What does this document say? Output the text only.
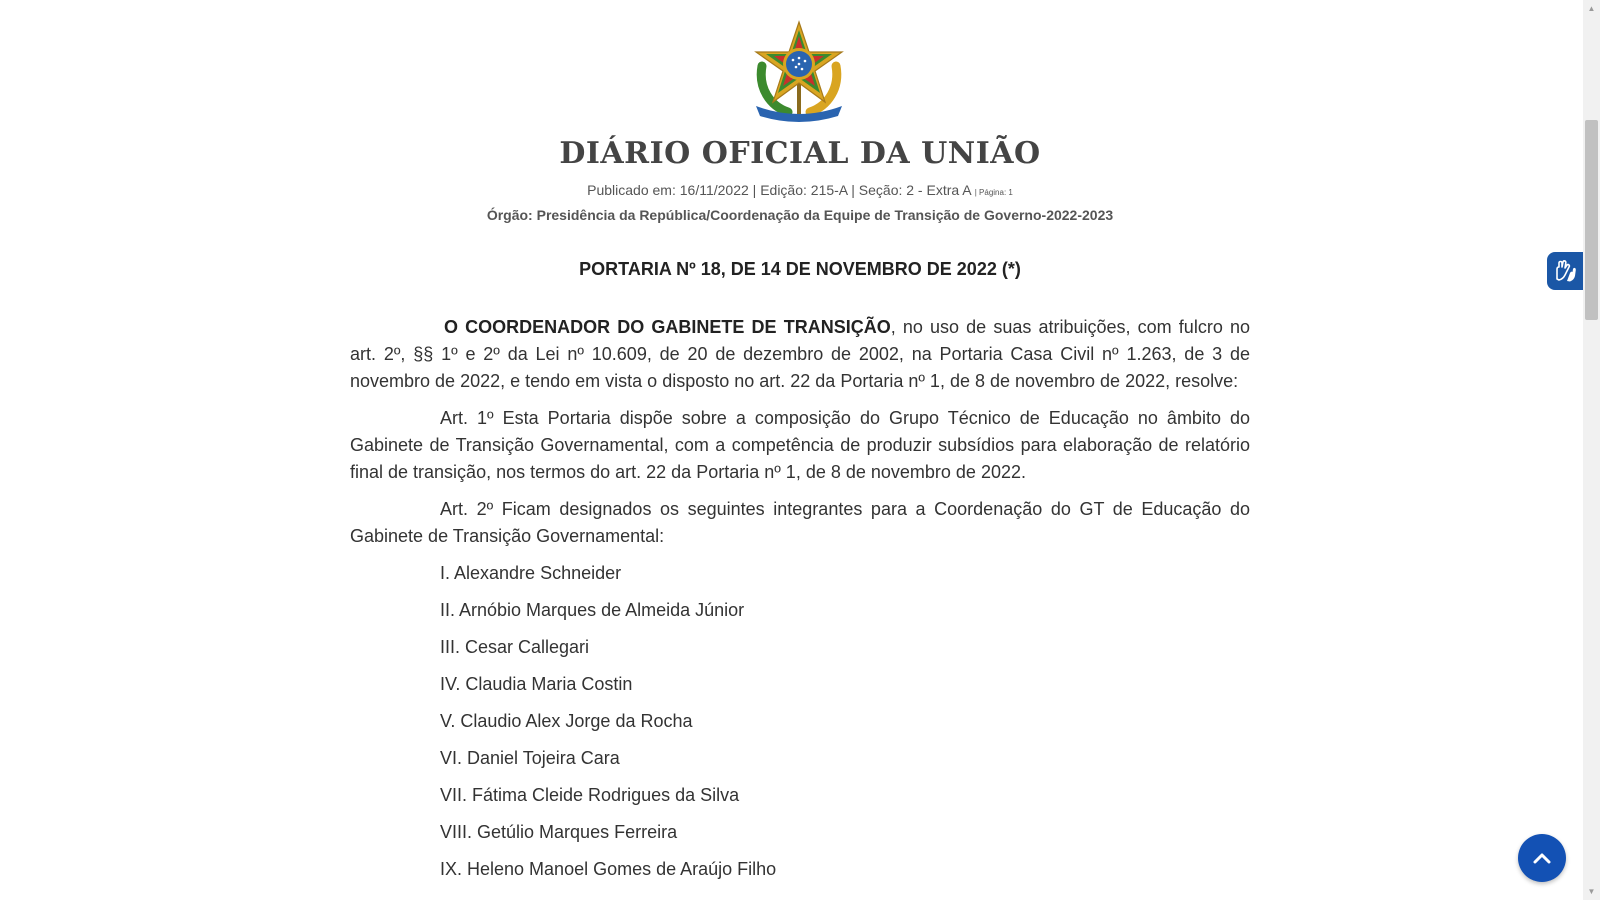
DIÁRIO OFICIAL DA UNIÃO
Publicado em: 16/11/2022 | Edição: 215-A | Seção: 2 - Extra A | Página: 1
Órgão: Presidência da República/Coordenação da Equipe de Transição de Governo-2022-2023
PORTARIA Nº 18, DE 14 DE NOVEMBRO DE 2022 (*)

O COORDENADOR DO GABINETE DE TRANSIÇÃO, no uso de suas atribuições, com fulcro no art. 2º, §§ 1º e 2º da Lei nº 10.609, de 20 de dezembro de 2002, na Portaria Casa Civil nº 1.263, de 3 de novembro de 2022, e tendo em vista o disposto no art. 22 da Portaria nº 1, de 8 de novembro de 2022, resolve:

Art. 1º Esta Portaria dispõe sobre a composição do Grupo Técnico de Educação no âmbito do Gabinete de Transição Governamental, com a competência de produzir subsídios para elaboração de relatório final de transição, nos termos do art. 22 da Portaria nº 1, de 8 de novembro de 2022.

Art. 2º Ficam designados os seguintes integrantes para a Coordenação do GT de Educação do Gabinete de Transição Governamental:

I. Alexandre Schneider
II. Arnóbio Marques de Almeida Júnior
III. Cesar Callegari
IV. Claudia Maria Costin
V. Claudio Alex Jorge da Rocha
VI. Daniel Tojeira Cara
VII. Fátima Cleide Rodrigues da Silva
VIII. Getúlio Marques Ferreira
IX. Heleno Manoel Gomes de Araújo Filho
▲
▼
